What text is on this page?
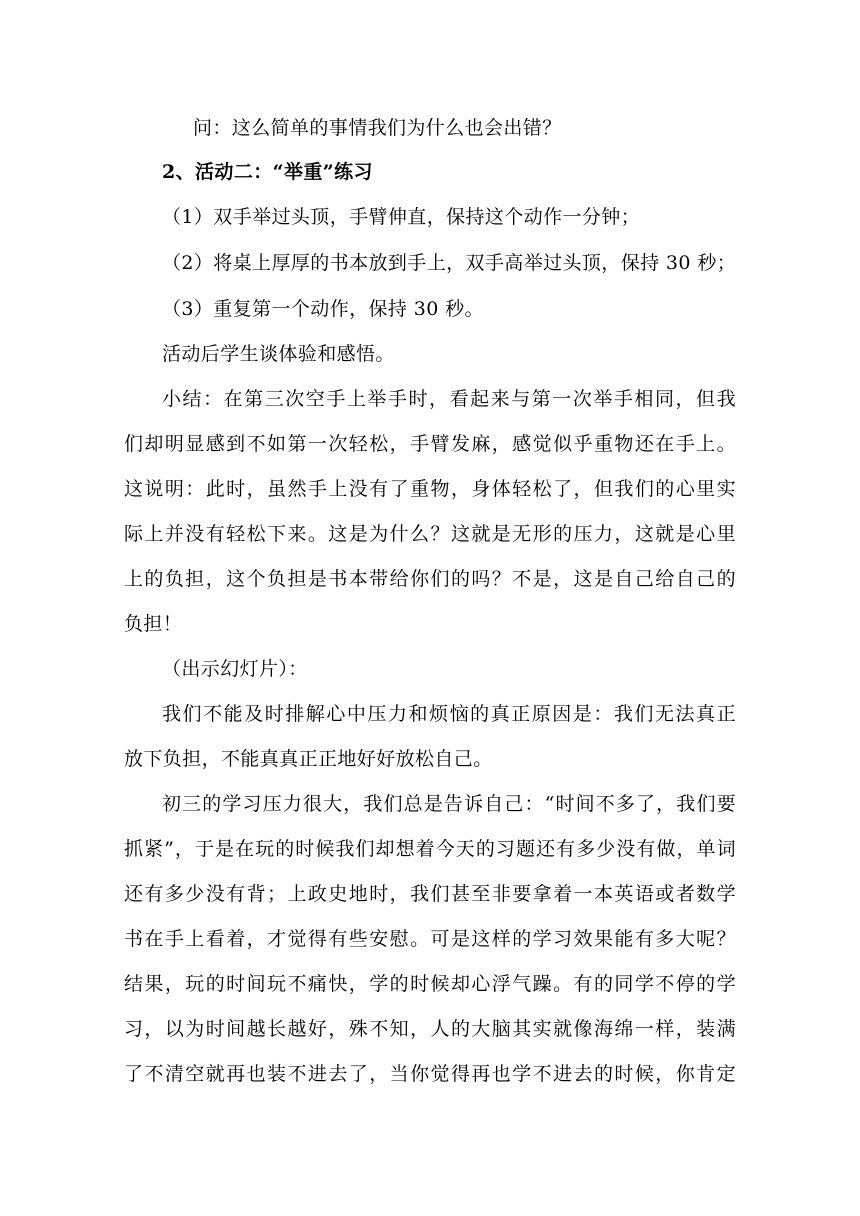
问：这么简单的事情我们为什么也会出错？
2、活动二：“举重”练习
（1）双手举过头顶，手臂伸直，保持这个动作一分钟；
（2）将桌上厚厚的书本放到手上，双手高举过头顶，保持 30 秒；
（3）重复第一个动作，保持 30 秒。
活动后学生谈体验和感悟。
小结：在第三次空手上举手时，看起来与第一次举手相同，但我
们却明显感到不如第一次轻松，手臂发麻，感觉似乎重物还在手上。
这说明：此时，虽然手上没有了重物，身体轻松了，但我们的心里实
际上并没有轻松下来。这是为什么？这就是无形的压力，这就是心里
上的负担，这个负担是书本带给你们的吗？不是，这是自己给自己的
负担！
（出示幻灯片）：
我们不能及时排解心中压力和烦恼的真正原因是：我们无法真正
放下负担，不能真真正正地好好放松自己。
初三的学习压力很大，我们总是告诉自己：“时间不多了，我们要
抓紧”，于是在玩的时候我们却想着今天的习题还有多少没有做，单词
还有多少没有背；上政史地时，我们甚至非要拿着一本英语或者数学
书在手上看着，才觉得有些安慰。可是这样的学习效果能有多大呢？
结果，玩的时间玩不痛快，学的时候却心浮气躁。有的同学不停的学
习，以为时间越长越好，殊不知，人的大脑其实就像海绵一样，装满
了不清空就再也装不进去了，当你觉得再也学不进去的时候，你肯定
